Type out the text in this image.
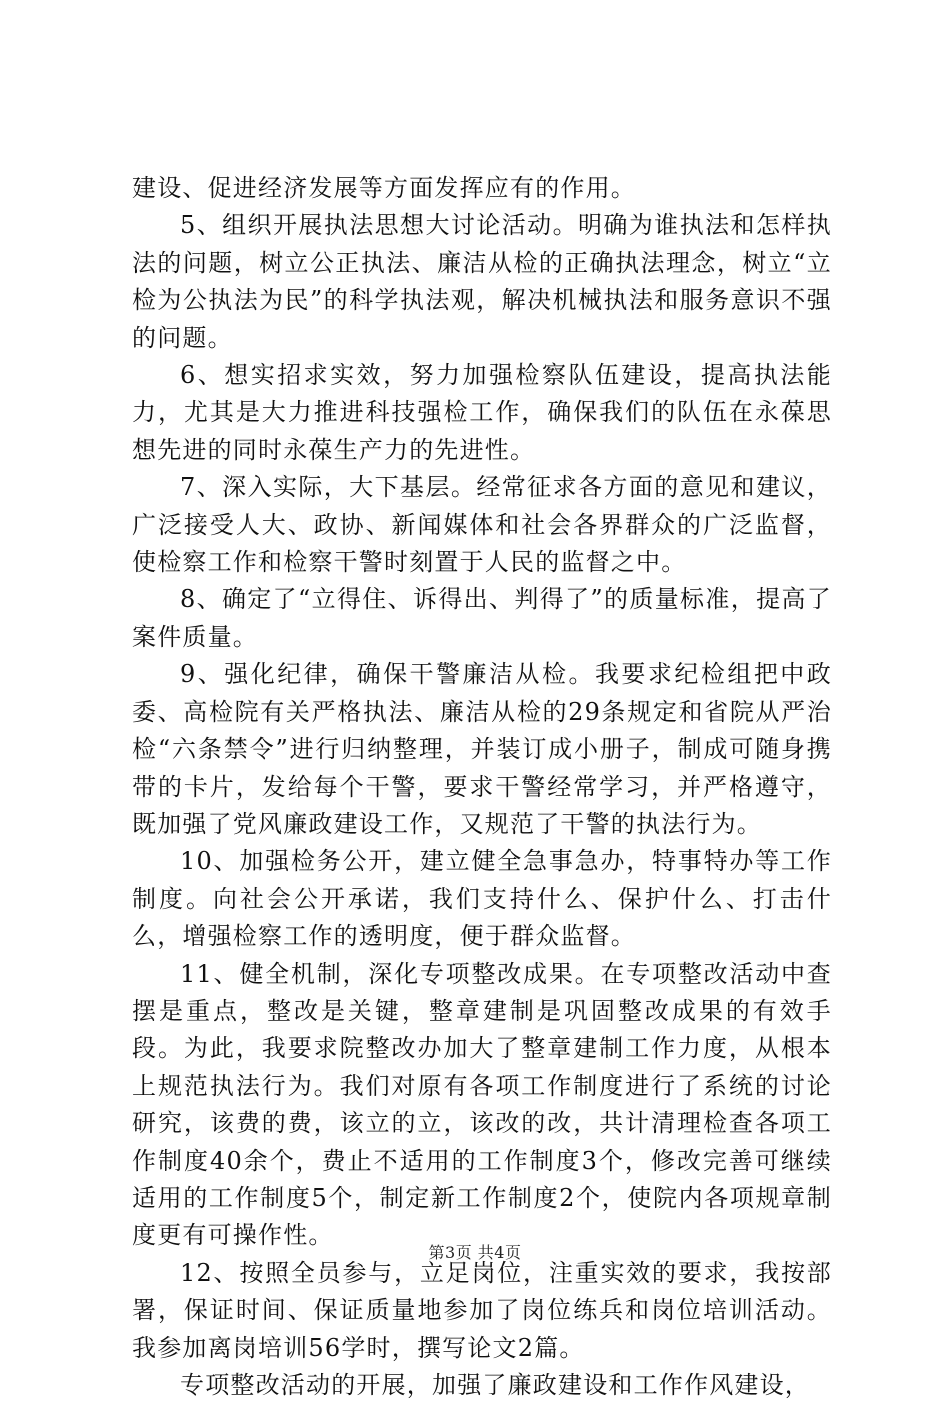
建设、促进经济发展等方面发挥应有的作用。

5、组织开展执法思想大讨论活动。明确为谁执法和怎样执法的问题，树立公正执法、廉洁从检的正确执法理念，树立“立检为公执法为民”的科学执法观，解决机械执法和服务意识不强的问题。

6、想实招求实效，努力加强检察队伍建设，提高执法能力，尤其是大力推进科技强检工作，确保我们的队伍在永葆思想先进的同时永葆生产力的先进性。

7、深入实际，大下基层。经常征求各方面的意见和建议，广泛接受人大、政协、新闻媒体和社会各界群众的广泛监督，使检察工作和检察干警时刻置于人民的监督之中。

8、确定了“立得住、诉得出、判得了”的质量标准，提高了案件质量。

9、强化纪律，确保干警廉洁从检。我要求纪检组把中政委、高检院有关严格执法、廉洁从检的29条规定和省院从严治检“六条禁令”进行归纳整理，并装订成小册子，制成可随身携带的卡片，发给每个干警，要求干警经常学习，并严格遵守，既加强了党风廉政建设工作，又规范了干警的执法行为。

10、加强检务公开，建立健全急事急办，特事特办等工作制度。向社会公开承诺，我们支持什么、保护什么、打击什么，增强检察工作的透明度，便于群众监督。

11、健全机制，深化专项整改成果。在专项整改活动中查摆是重点，整改是关键，整章建制是巩固整改成果的有效手段。为此，我要求院整改办加大了整章建制工作力度，从根本上规范执法行为。我们对原有各项工作制度进行了系统的讨论研究，该费的费，该立的立，该改的改，共计清理检查各项工作制度40余个，费止不适用的工作制度3个，修改完善可继续适用的工作制度5个，制定新工作制度2个，使院内各项规章制度更有可操作性。

12、按照全员参与，立足岗位，注重实效的要求，我按部署，保证时间、保证质量地参加了岗位练兵和岗位培训活动。我参加离岗培训56学时，撰写论文2篇。

专项整改活动的开展，加强了廉政建设和工作作风建设，

第3页 共4页
